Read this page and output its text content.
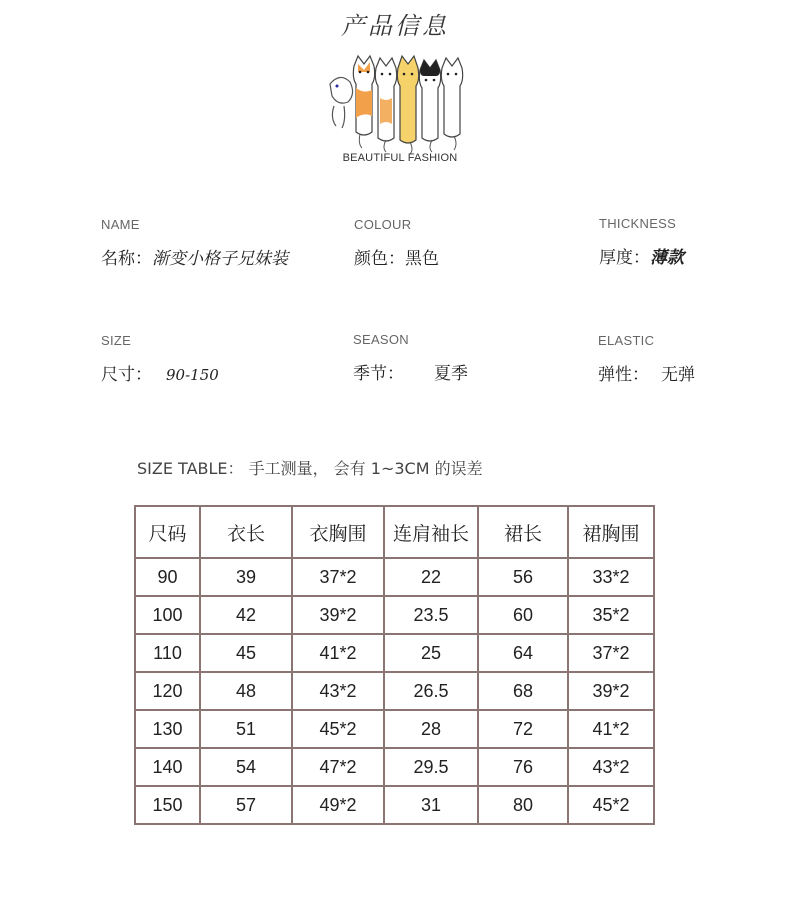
产品信息
BEAUTIFUL FASHION
NAME
名称：渐变小格子兄妹装
COLOUR
颜色：黑色
THICKNESS
厚度：薄款
SIZE
尺寸： 90-150
SEASON
季节： 夏季
ELASTIC
弹性： 无弹
SIZE TABLE： 手工测量， 会有 1~3CM 的误差
尺码	衣长	衣胸围	连肩袖长	裙长	裙胸围
90	39	37*2	22	56	33*2
100	42	39*2	23.5	60	35*2
110	45	41*2	25	64	37*2
120	48	43*2	26.5	68	39*2
130	51	45*2	28	72	41*2
140	54	47*2	29.5	76	43*2
150	57	49*2	31	80	45*2
